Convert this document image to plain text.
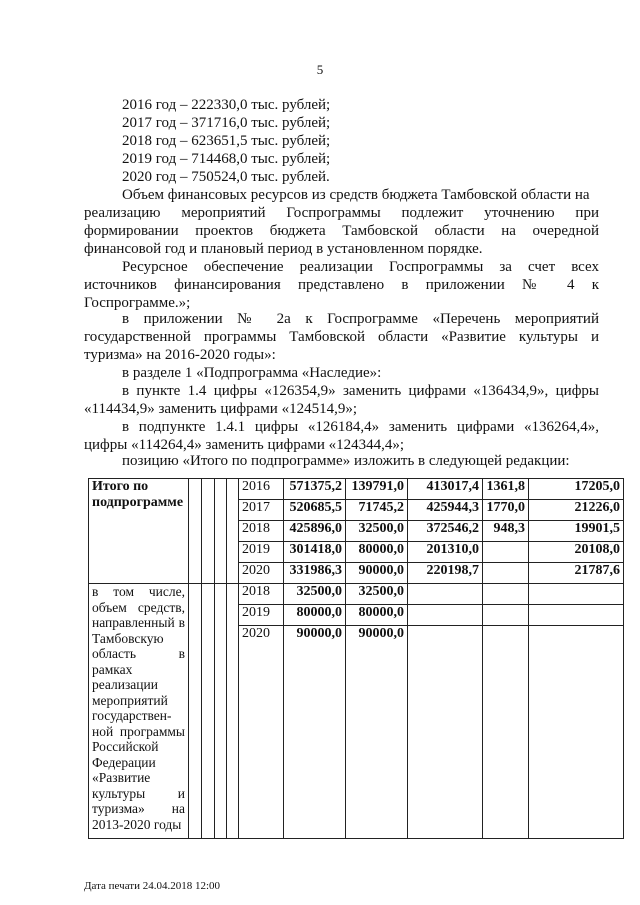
5
2016 год – 222330,0 тыс. рублей;
2017 год – 371716,0 тыс. рублей;
2018 год – 623651,5 тыс. рублей;
2019 год – 714468,0 тыс. рублей;
2020 год – 750524,0 тыс. рублей.
Объем финансовых ресурсов из средств бюджета Тамбовской области на
реализацию мероприятий Госпрограммы подлежит уточнению при
формировании проектов бюджета Тамбовской области на очередной
финансовой год и плановый период в установленном порядке.
Ресурсное обеспечение реализации Госпрограммы за счет всех
источников финансирования представлено в приложении № 4 к
Госпрограмме.»;
в приложении № 2а к Госпрограмме «Перечень мероприятий
государственной программы Тамбовской области «Развитие культуры и
туризма» на 2016-2020 годы»:
в разделе 1 «Подпрограмма «Наследие»:
в пункте 1.4 цифры «126354,9» заменить цифрами «136434,9», цифры
«114434,9» заменить цифрами «124514,9»;
в подпункте 1.4.1 цифры «126184,4» заменить цифрами «136264,4»,
цифры «114264,4» заменить цифрами «124344,4»;
позицию «Итого по подпрограмме» изложить в следующей редакции:
Итого по подпрограмме					2016	571375,2	139791,0	413017,4	1361,8	17205,0
					2017	520685,5	71745,2	425944,3	1770,0	21226,0
					2018	425896,0	32500,0	372546,2	948,3	19901,5
					2019	301418,0	80000,0	201310,0		20108,0
					2020	331986,3	90000,0	220198,7		21787,6
в том числе, объем средств, направленный в Тамбовскую область в рамках реализации мероприятий государствен-ной программы Российской Федерации «Развитие культуры и туризма» на 2013-2020 годы					2018	32500,0	32500,0			
					2019	80000,0	80000,0			
					2020	90000,0	90000,0			
Дата печати 24.04.2018 12:00
